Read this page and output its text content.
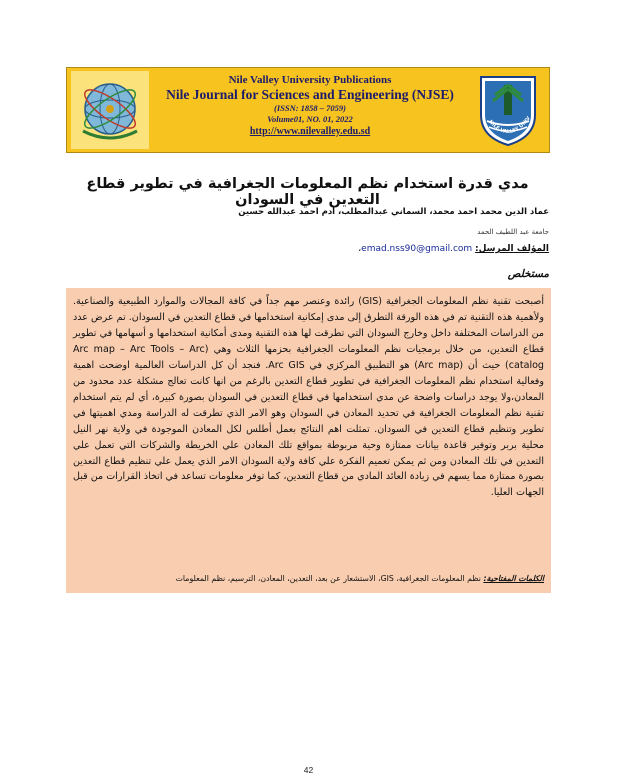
Nile Valley University Publications
Nile Journal for Sciences and Engineering (NJSE)
(ISSN: 1858 – 7059)
Volume01, NO. 01, 2022
http://www.nilevalley.edu.sd
NILE VALLEY UNIV
مدي قدرة استخدام نظم المعلومات الجغرافية في تطوير قطاع التعدين في السودان
عماد الدين محمد احمد محمد، السماني عبدالمطلب، ادم احمد عبدالله حسين
جامعة عبد اللطيف الحمد
المؤلف المرسل: emad.nss90@gmail.com،
مستخلص
أصبحت تقنية نظم المعلومات الجغرافية (GIS) رائدة وعنصر مهم جداً في كافة المجالات والموارد الطبيعية والصناعية. ولأهمية هذه التقنية تم في هذه الورقة التطرق إلى مدى إمكانية استخدامها في قطاع التعدين في السودان. تم عرض عدد من الدراسات المختلفة داخل وخارج السودان التي تطرقت لها هذه التقنية ومدى أمكانية استخدامها و أسهامها في تطوير قطاع التعدين، من خلال برمجيات نظم المعلومات الجغرافية بحزمها الثلاث وهي (Arc map – Arc Tools – Arc catalog) حيث أن (Arc map) هو التطبيق المركزي في Arc GIS. فنجد أن كل الدراسات العالمية اوضحت اهمية وفعالية استخدام نظم المعلومات الجغرافية في تطوير قطاع التعدين بالرغم من انها كانت تعالج مشكلة عدد محدود من المعادن،ولا يوجد دراسات واضحة عن مدي استخدامها في قطاع التعدين في السودان بصورة كبيرة، أي لم يتم استخدام تقنية نظم المعلومات الجغرافية في تحديد المعادن في السودان وهو الامر الذي تطرقت له الدراسة ومدي اهميتها في تطوير وتنظيم قطاع التعدين في السودان. تمثلت اهم النتائج بعمل أطلس لكل المعادن الموجودة في ولاية نهر النيل محلية بربر وتوفير قاعدة بيانات ممتازة وحية مربوطة بمواقع تلك المعادن علي الخريطة والشركات التي تعمل علي التعدين في تلك المعادن ومن ثم يمكن تعميم الفكرة علي كافة ولاية السودان الامر الذي يعمل علي تنظيم قطاع التعدين بصورة ممتازة مما يسهم في زيادة العائد المادي من قطاع التعدين، كما توفر معلومات تساعد في اتخاذ القرارات من قبل الجهات العليا.
الكلمات المفتاحية: نظم المعلومات الجغرافية، GIS، الاستشعار عن بعد، التعدين، المعادن، الترسيم، نظم المعلومات
42
